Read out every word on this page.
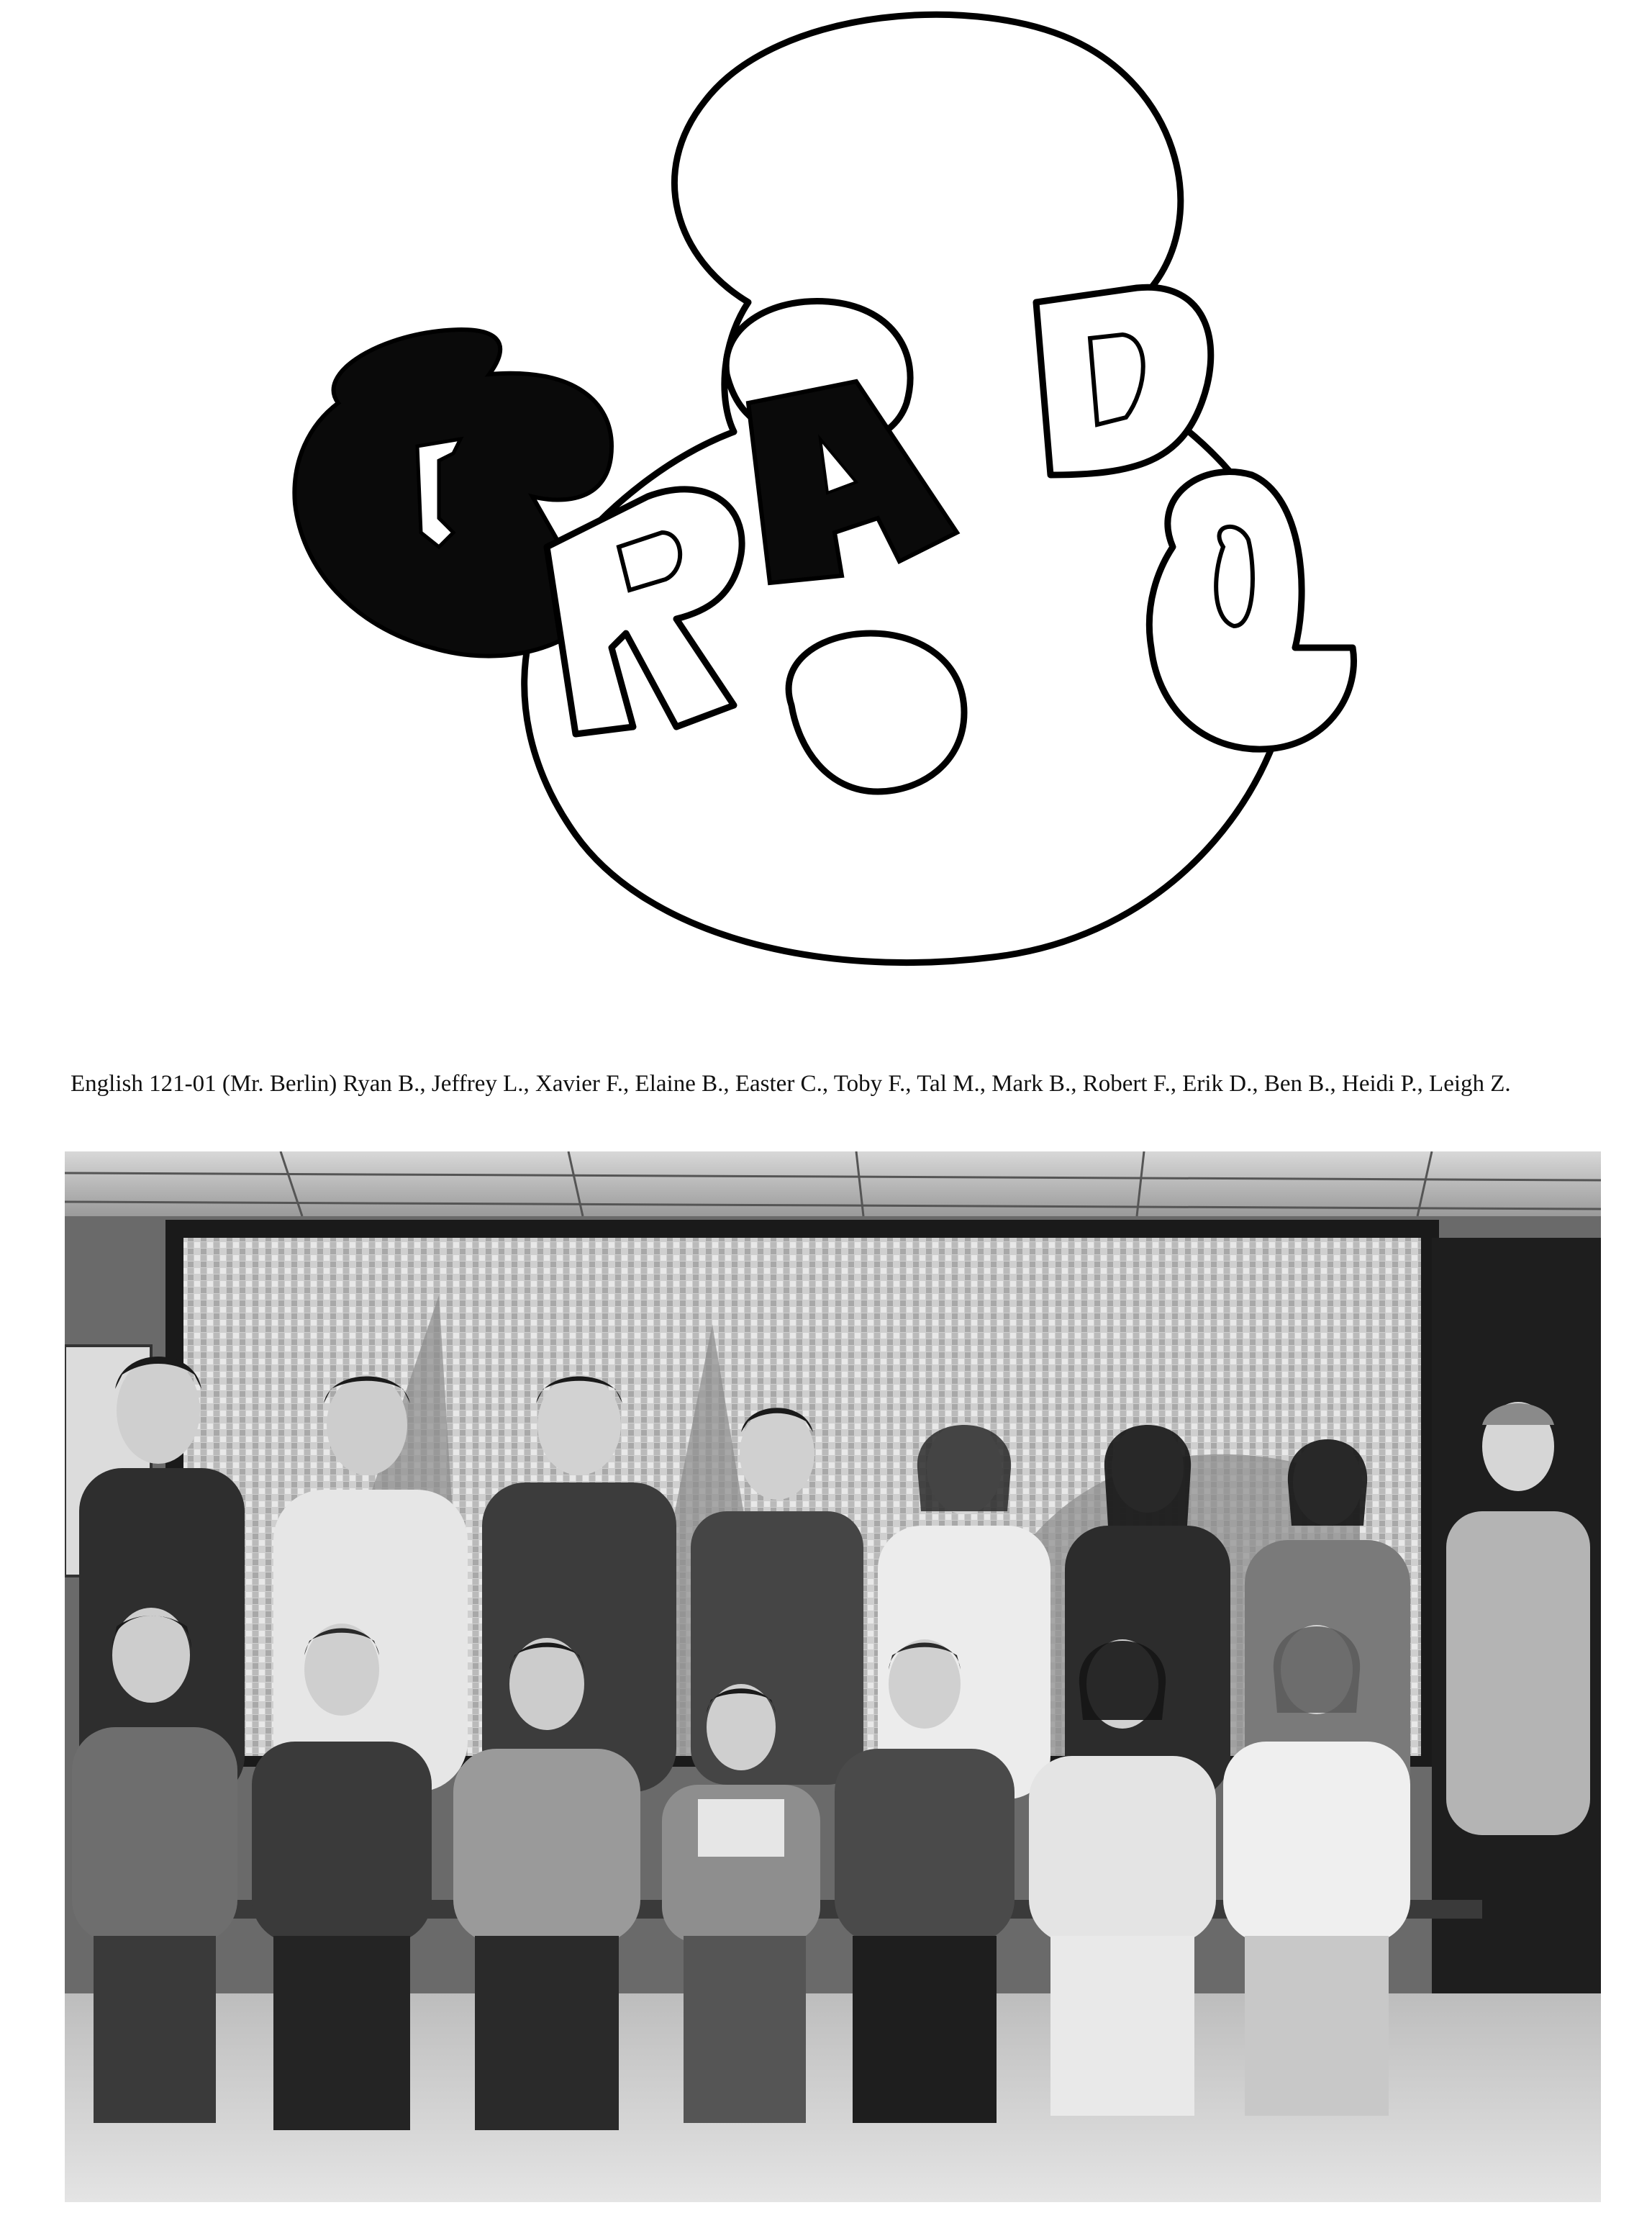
English 121-01 (Mr. Berlin) Ryan B., Jeffrey L., Xavier F., Elaine B., Easter C., Toby F., Tal M., Mark B., Robert F., Erik D., Ben B., Heidi P., Leigh Z.
